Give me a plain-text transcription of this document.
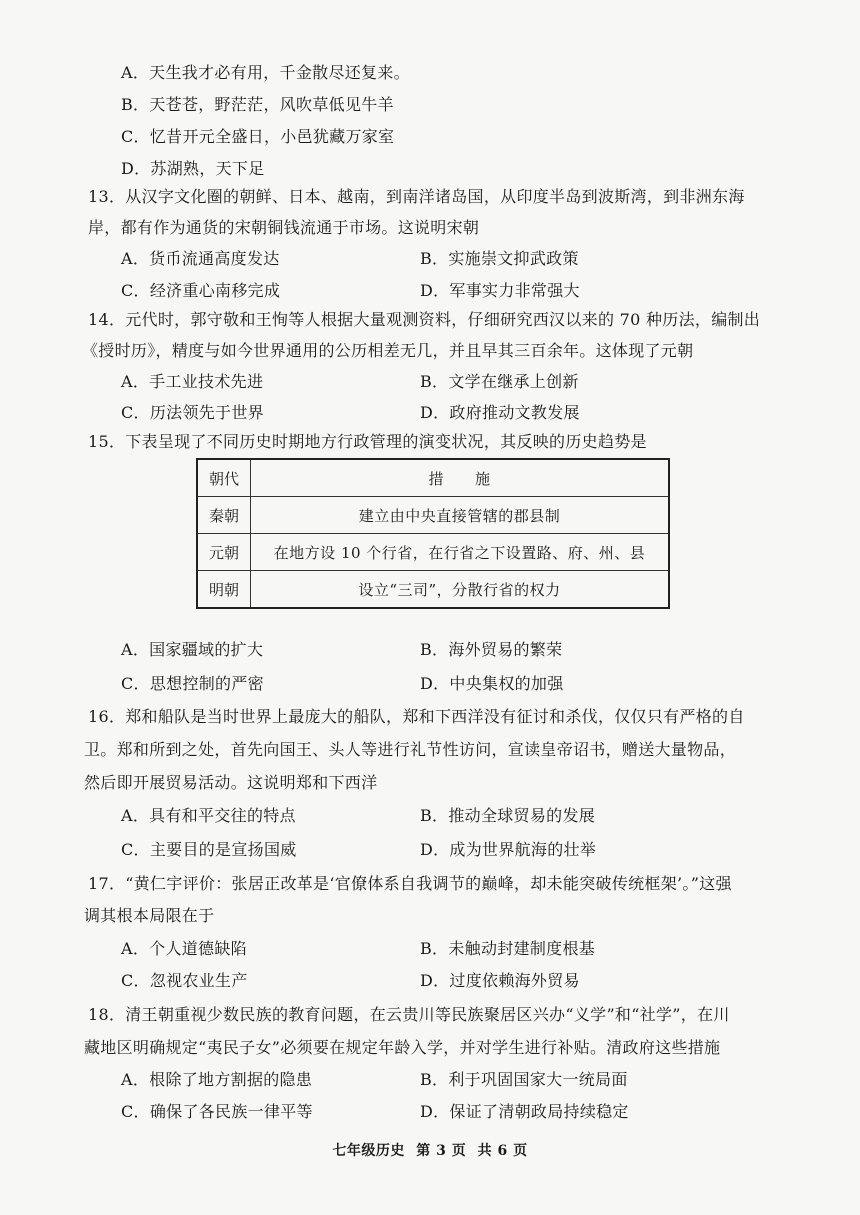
A．天生我才必有用，千金散尽还复来。
B．天苍苍，野茫茫，风吹草低见牛羊
C．忆昔开元全盛日，小邑犹藏万家室
D．苏湖熟，天下足
13．从汉字文化圈的朝鲜、日本、越南，到南洋诸岛国，从印度半岛到波斯湾，到非洲东海
岸，都有作为通货的宋朝铜钱流通于市场。这说明宋朝
A．货币流通高度发达	B．实施崇文抑武政策
C．经济重心南移完成	D．军事实力非常强大
14．元代时，郭守敬和王恂等人根据大量观测资料，仔细研究西汉以来的 70 种历法，编制出
《授时历》，精度与如今世界通用的公历相差无几，并且早其三百余年。这体现了元朝
A．手工业技术先进	B．文学在继承上创新
C．历法领先于世界	D．政府推动文教发展
15．下表呈现了不同历史时期地方行政管理的演变状况，其反映的历史趋势是
朝代	措　　施
秦朝	建立由中央直接管辖的郡县制
元朝	在地方设 10 个行省，在行省之下设置路、府、州、县
明朝	设立“三司”，分散行省的权力
A．国家疆域的扩大	B．海外贸易的繁荣
C．思想控制的严密	D．中央集权的加强
16．郑和船队是当时世界上最庞大的船队，郑和下西洋没有征讨和杀伐，仅仅只有严格的自
卫。郑和所到之处，首先向国王、头人等进行礼节性访问，宣读皇帝诏书，赠送大量物品，
然后即开展贸易活动。这说明郑和下西洋
A．具有和平交往的特点	B．推动全球贸易的发展
C．主要目的是宣扬国威	D．成为世界航海的壮举
17．“黄仁宇评价：张居正改革是‘官僚体系自我调节的巅峰，却未能突破传统框架’。”这强
调其根本局限在于
A．个人道德缺陷	B．未触动封建制度根基
C．忽视农业生产	D．过度依赖海外贸易
18．清王朝重视少数民族的教育问题，在云贵川等民族聚居区兴办“义学”和“社学”，在川
藏地区明确规定“夷民子女”必须要在规定年龄入学，并对学生进行补贴。清政府这些措施
A．根除了地方割据的隐患	B．利于巩固国家大一统局面
C．确保了各民族一律平等	D．保证了清朝政局持续稳定
七年级历史 第 3 页 共 6 页
